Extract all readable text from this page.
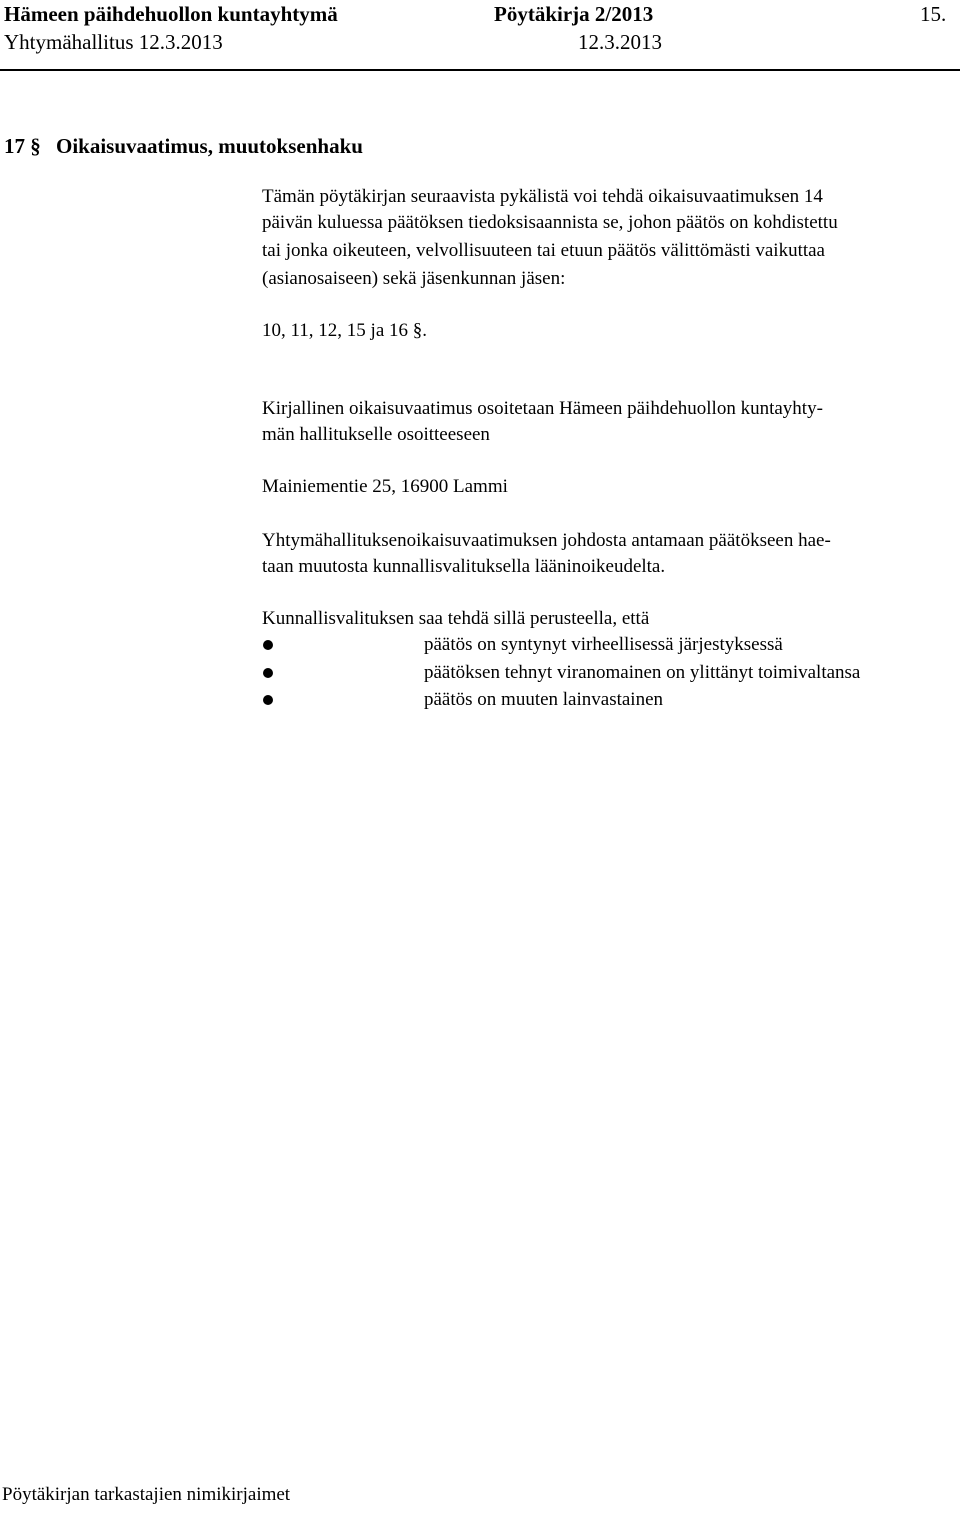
Hämeen päihdehuollon kuntayhtymä	Pöytäkirja 2/2013	15.
Yhtymähallitus 12.3.2013	12.3.2013
17 § Oikaisuvaatimus, muutoksenhaku
Tämän pöytäkirjan seuraavista pykälistä voi tehdä oikaisuvaatimuksen 14
päivän kuluessa päätöksen tiedoksisaannista se, johon päätös on kohdistettu
tai jonka oikeuteen, velvollisuuteen tai etuun päätös välittömästi vaikuttaa
(asianosaiseen) sekä jäsenkunnan jäsen:
10, 11, 12, 15 ja 16 §.
Kirjallinen oikaisuvaatimus osoitetaan Hämeen päihdehuollon kuntayhty-
män hallitukselle osoitteeseen
Mainiementie 25, 16900 Lammi
Yhtymähallituksenoikaisuvaatimuksen johdosta antamaan päätökseen hae-
taan muutosta kunnallisvalituksella lääninoikeudelta.
Kunnallisvalituksen saa tehdä sillä perusteella, että
päätös on syntynyt virheellisessä järjestyksessä
päätöksen tehnyt viranomainen on ylittänyt toimivaltansa
päätös on muuten lainvastainen
Pöytäkirjan tarkastajien nimikirjaimet
